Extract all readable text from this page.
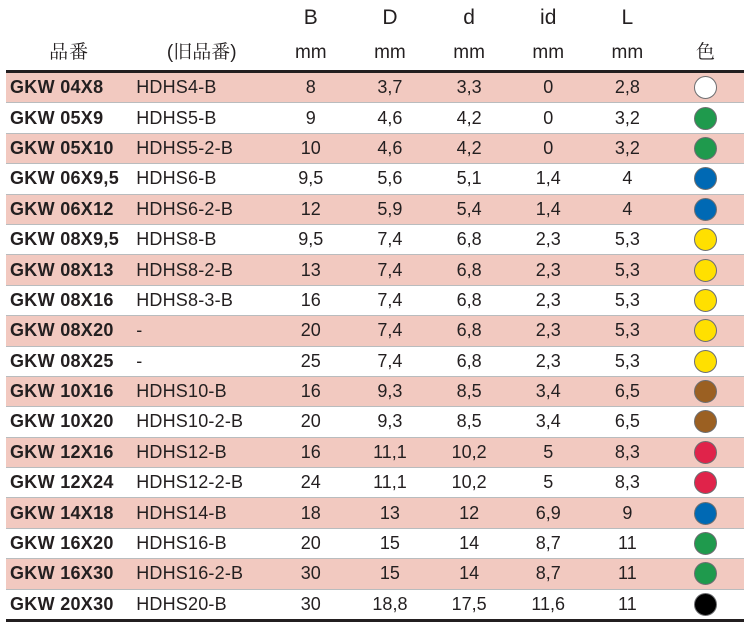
		B	D	d	id	L	
品番	(旧品番)	mm	mm	mm	mm	mm	色
GKW 04X8	HDHS4-B	8	3,7	3,3	0	2,8	
GKW 05X9	HDHS5-B	9	4,6	4,2	0	3,2	
GKW 05X10	HDHS5-2-B	10	4,6	4,2	0	3,2	
GKW 06X9,5	HDHS6-B	9,5	5,6	5,1	1,4	4	
GKW 06X12	HDHS6-2-B	12	5,9	5,4	1,4	4	
GKW 08X9,5	HDHS8-B	9,5	7,4	6,8	2,3	5,3	
GKW 08X13	HDHS8-2-B	13	7,4	6,8	2,3	5,3	
GKW 08X16	HDHS8-3-B	16	7,4	6,8	2,3	5,3	
GKW 08X20	-	20	7,4	6,8	2,3	5,3	
GKW 08X25	-	25	7,4	6,8	2,3	5,3	
GKW 10X16	HDHS10-B	16	9,3	8,5	3,4	6,5	
GKW 10X20	HDHS10-2-B	20	9,3	8,5	3,4	6,5	
GKW 12X16	HDHS12-B	16	11,1	10,2	5	8,3	
GKW 12X24	HDHS12-2-B	24	11,1	10,2	5	8,3	
GKW 14X18	HDHS14-B	18	13	12	6,9	9	
GKW 16X20	HDHS16-B	20	15	14	8,7	11	
GKW 16X30	HDHS16-2-B	30	15	14	8,7	11	
GKW 20X30	HDHS20-B	30	18,8	17,5	11,6	11	
